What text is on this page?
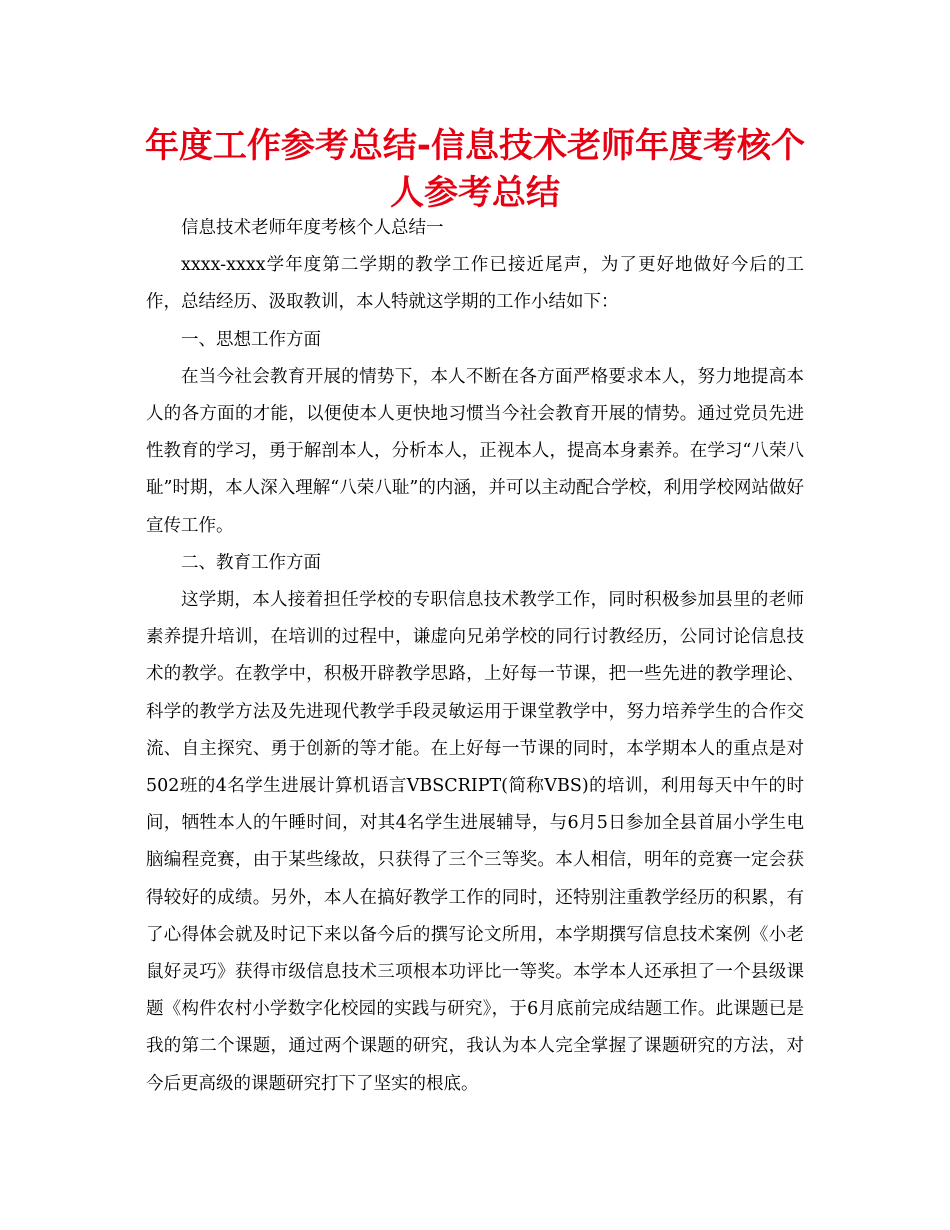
年度工作参考总结-信息技术老师年度考核个人参考总结

信息技术老师年度考核个人总结一

xxxx-xxxx学年度第二学期的教学工作已接近尾声，为了更好地做好今后的工作，总结经历、汲取教训，本人特就这学期的工作小结如下：

一、思想工作方面

在当今社会教育开展的情势下，本人不断在各方面严格要求本人，努力地提高本人的各方面的才能，以便使本人更快地习惯当今社会教育开展的情势。通过党员先进性教育的学习，勇于解剖本人，分析本人，正视本人，提高本身素养。在学习“八荣八耻”时期，本人深入理解“八荣八耻”的内涵，并可以主动配合学校，利用学校网站做好宣传工作。

二、教育工作方面

这学期，本人接着担任学校的专职信息技术教学工作，同时积极参加县里的老师素养提升培训，在培训的过程中，谦虚向兄弟学校的同行讨教经历，公同讨论信息技术的教学。在教学中，积极开辟教学思路，上好每一节课，把一些先进的教学理论、科学的教学方法及先进现代教学手段灵敏运用于课堂教学中，努力培养学生的合作交流、自主探究、勇于创新的等才能。在上好每一节课的同时，本学期本人的重点是对502班的4名学生进展计算机语言VBSCRIPT(简称VBS)的培训，利用每天中午的时间，牺牲本人的午睡时间，对其4名学生进展辅导，与6月5日参加全县首届小学生电脑编程竞赛，由于某些缘故，只获得了三个三等奖。本人相信，明年的竞赛一定会获得较好的成绩。另外，本人在搞好教学工作的同时，还特别注重教学经历的积累，有了心得体会就及时记下来以备今后的撰写论文所用，本学期撰写信息技术案例《小老鼠好灵巧》获得市级信息技术三项根本功评比一等奖。本学本人还承担了一个县级课题《构件农村小学数字化校园的实践与研究》，于6月底前完成结题工作。此课题已是我的第二个课题，通过两个课题的研究，我认为本人完全掌握了课题研究的方法，对今后更高级的课题研究打下了坚实的根底。
